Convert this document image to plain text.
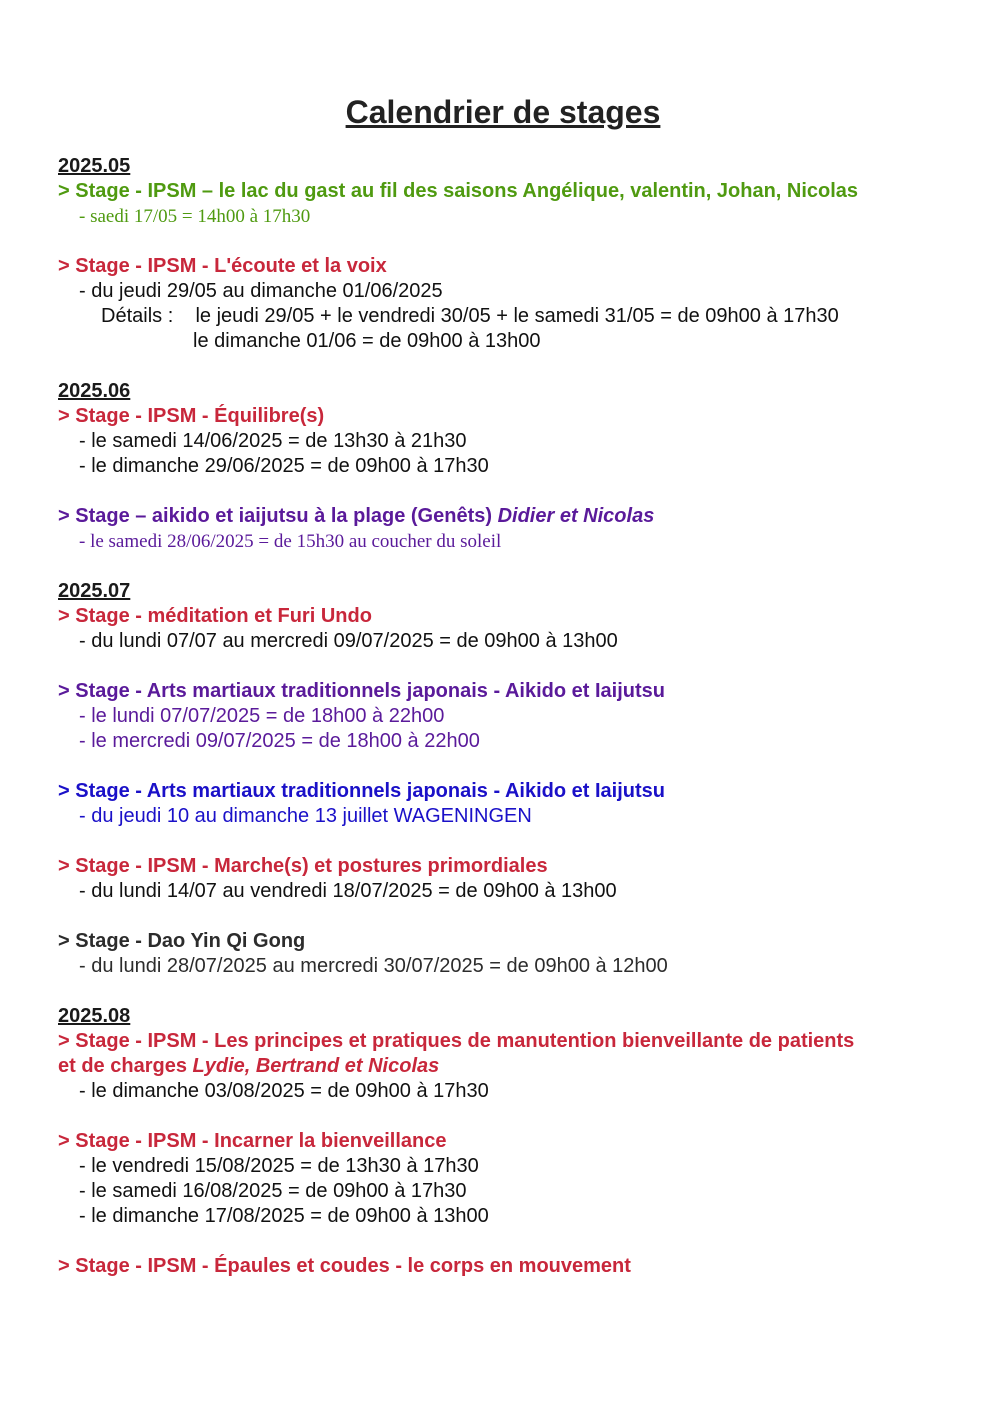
Calendrier de stages

2025.05

> Stage - IPSM – le lac du gast au fil des saisons Angélique, valentin, Johan, Nicolas

- saedi 17/05 = 14h00 à 17h30

> Stage - IPSM - L'écoute et la voix

- du jeudi 29/05 au dimanche 01/06/2025

Détails :    le jeudi 29/05 + le vendredi 30/05 + le samedi 31/05 = de 09h00 à 17h30

le dimanche 01/06 = de 09h00 à 13h00

2025.06

> Stage - IPSM - Équilibre(s)

- le samedi 14/06/2025 = de 13h30 à 21h30

- le dimanche 29/06/2025 = de 09h00 à 17h30

> Stage – aikido et iaijutsu à la plage (Genêts) Didier et Nicolas

- le samedi 28/06/2025 = de 15h30 au coucher du soleil

2025.07

> Stage - méditation et Furi Undo

- du lundi 07/07 au mercredi 09/07/2025 = de 09h00 à 13h00

> Stage - Arts martiaux traditionnels japonais - Aikido et Iaijutsu

- le lundi 07/07/2025 = de 18h00 à 22h00

- le mercredi 09/07/2025 = de 18h00 à 22h00

> Stage - Arts martiaux traditionnels japonais - Aikido et Iaijutsu

- du jeudi 10 au dimanche 13 juillet WAGENINGEN

> Stage - IPSM - Marche(s) et postures primordiales

- du lundi 14/07 au vendredi 18/07/2025 = de 09h00 à 13h00

> Stage - Dao Yin Qi Gong

- du lundi 28/07/2025 au mercredi 30/07/2025 = de 09h00 à 12h00

2025.08

> Stage - IPSM - Les principes et pratiques de manutention bienveillante de patients et de charges Lydie, Bertrand et Nicolas

- le dimanche 03/08/2025 = de 09h00 à 17h30

> Stage - IPSM - Incarner la bienveillance

- le vendredi 15/08/2025 = de 13h30 à 17h30

- le samedi 16/08/2025 = de 09h00 à 17h30

- le dimanche 17/08/2025 = de 09h00 à 13h00

> Stage - IPSM - Épaules et coudes - le corps en mouvement
